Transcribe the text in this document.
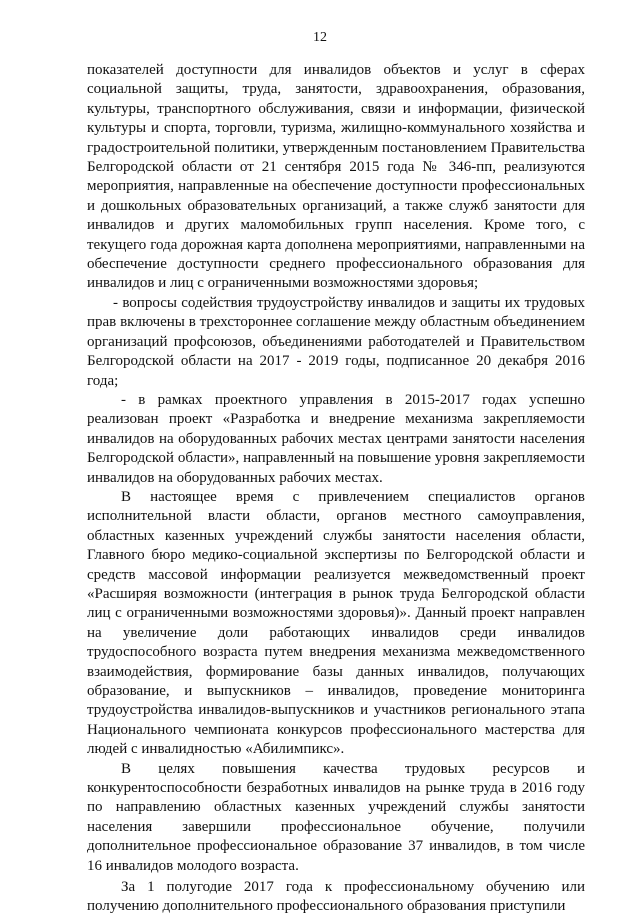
12

показателей доступности для инвалидов объектов и услуг в сферах социальной защиты, труда, занятости, здравоохранения, образования, культуры, транспортного обслуживания, связи и информации, физической культуры и спорта, торговли, туризма, жилищно-коммунального хозяйства и градостроительной политики, утвержденным постановлением Правительства Белгородской области от 21 сентября 2015 года № 346-пп, реализуются мероприятия, направленные на обеспечение доступности профессиональных и дошкольных образовательных организаций, а также служб занятости для инвалидов и других маломобильных групп населения. Кроме того, с текущего года дорожная карта дополнена мероприятиями, направленными на обеспечение доступности среднего профессионального образования для инвалидов и лиц с ограниченными возможностями здоровья;

- вопросы содействия трудоустройству инвалидов и защиты их трудовых прав включены в трехстороннее соглашение между областным объединением организаций профсоюзов, объединениями работодателей и Правительством Белгородской области на 2017 - 2019 годы, подписанное 20 декабря 2016 года;

- в рамках проектного управления в 2015-2017 годах успешно реализован проект «Разработка и внедрение механизма закрепляемости инвалидов на оборудованных рабочих местах центрами занятости населения Белгородской области», направленный на повышение уровня закрепляемости инвалидов на оборудованных рабочих местах.

В настоящее время с привлечением специалистов органов исполнительной власти области, органов местного самоуправления, областных казенных учреждений службы занятости населения области, Главного бюро медико-социальной экспертизы по Белгородской области и средств массовой информации реализуется межведомственный проект «Расширяя возможности (интеграция в рынок труда Белгородской области лиц с ограниченными возможностями здоровья)». Данный проект направлен на увеличение доли работающих инвалидов среди инвалидов трудоспособного возраста путем внедрения механизма межведомственного взаимодействия, формирование базы данных инвалидов, получающих образование, и выпускников – инвалидов, проведение мониторинга трудоустройства инвалидов-выпускников и участников регионального этапа Национального чемпионата конкурсов профессионального мастерства для людей с инвалидностью «Абилимпикс».

В целях повышения качества трудовых ресурсов и конкурентоспособности безработных инвалидов на рынке труда в 2016 году по направлению областных казенных учреждений службы занятости населения завершили профессиональное обучение, получили дополнительное профессиональное образование 37 инвалидов, в том числе 16 инвалидов молодого возраста.

За 1 полугодие 2017 года к профессиональному обучению или получению дополнительного профессионального образования приступили
